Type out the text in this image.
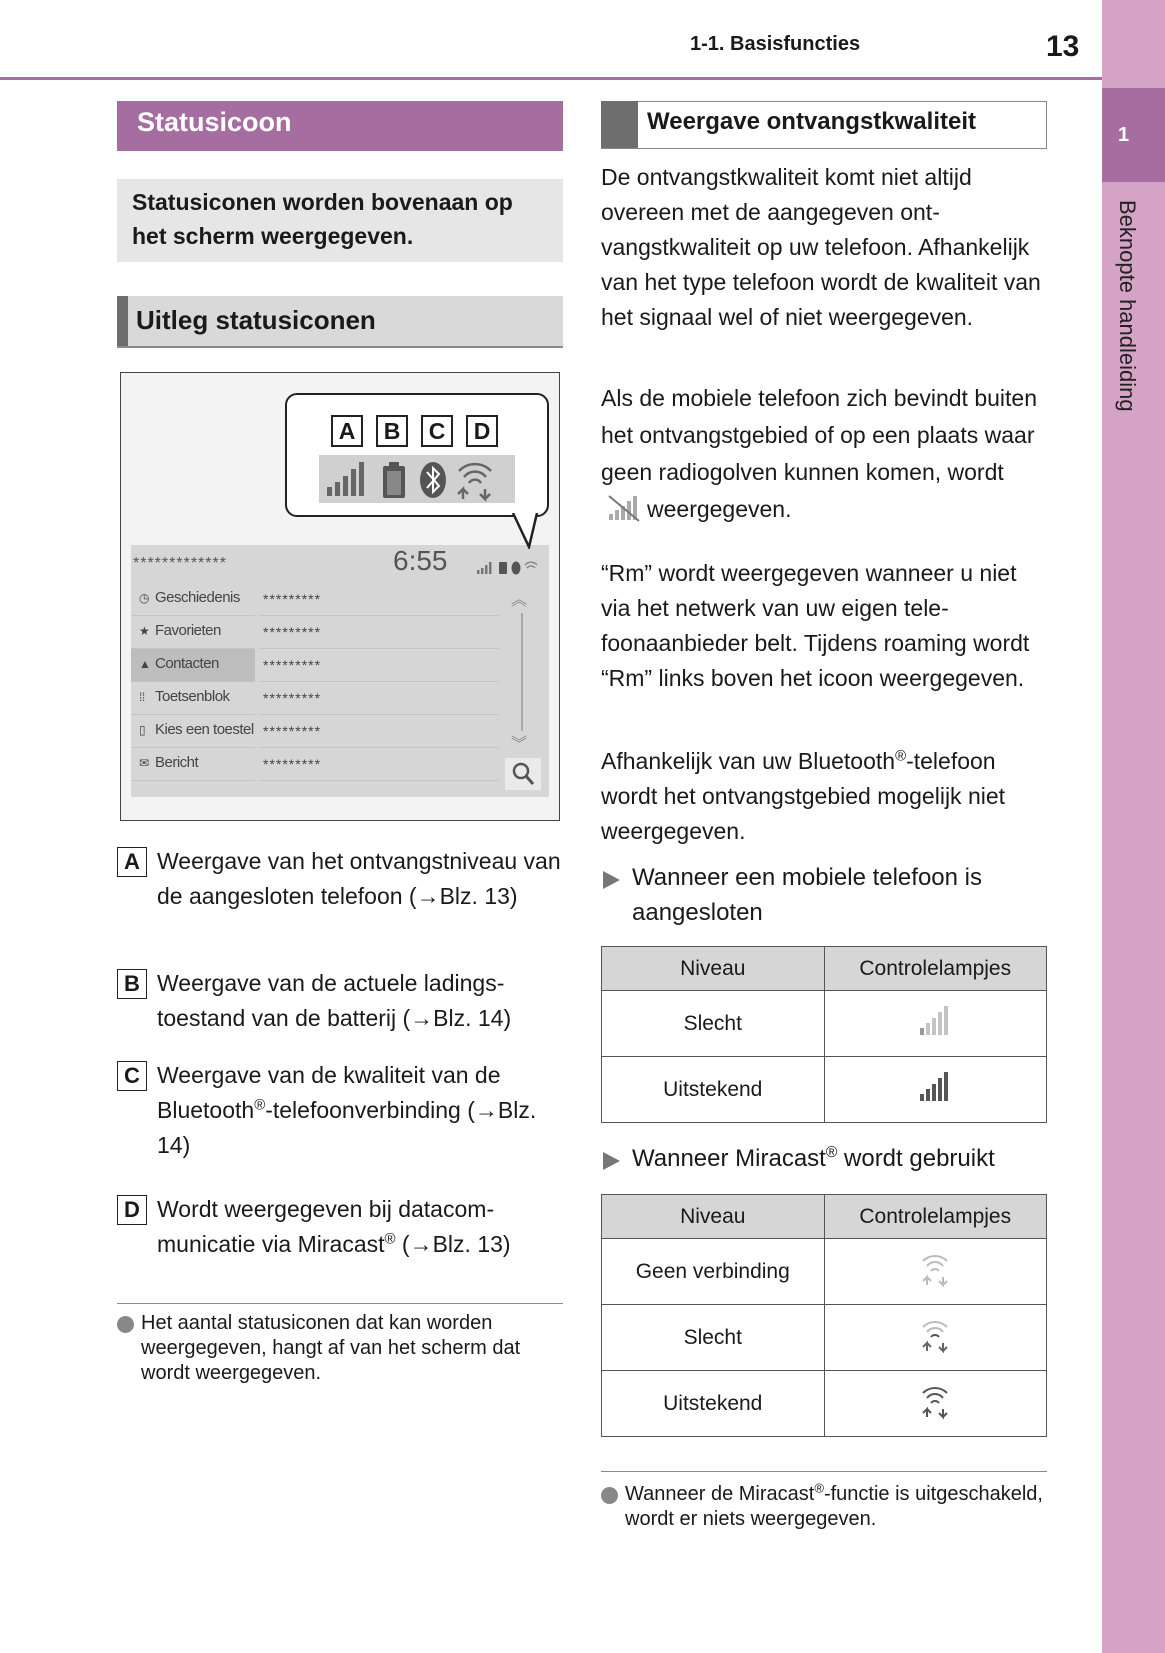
1-1. Basisfuncties	13
1
Beknopte handleiding
Statusicoon
Statusiconen worden bovenaan op het scherm weergegeven.
Uitleg statusiconen
*************	6:55
◷ Geschiedenis
★ Favorieten
▲ Contacten
⁞⁞ Toetsenblok
▯ Kies een toestel
✉ Bericht
*********
*********
*********
*********
*********
*********
︽
︾
A	B	C	D
A Weergave van het ontvangstniveau van de aangesloten telefoon (→Blz. 13)
B Weergave van de actuele ladingstoestand van de batterij (→Blz. 14)
C Weergave van de kwaliteit van de Bluetooth®-telefoonverbinding (→Blz. 14)
D Wordt weergegeven bij datacommunicatie via Miracast® (→Blz. 13)
Het aantal statusiconen dat kan worden weergegeven, hangt af van het scherm dat wordt weergegeven.
Weergave ontvangstkwaliteit
De ontvangstkwaliteit komt niet altijd overeen met de aangegeven ontvangstkwaliteit op uw telefoon. Afhankelijk van het type telefoon wordt de kwaliteit van het signaal wel of niet weergegeven.
Als de mobiele telefoon zich bevindt buiten het ontvangstgebied of op een plaats waar geen radiogolven kunnen komen, wordt weergegeven.
“Rm” wordt weergegeven wanneer u niet via het netwerk van uw eigen telefoonaanbieder belt. Tijdens roaming wordt “Rm” links boven het icoon weergegeven.
Afhankelijk van uw Bluetooth®-telefoon wordt het ontvangstgebied mogelijk niet weergegeven.
Wanneer een mobiele telefoon is aangesloten
Niveau	Controlelampjes
Slecht	
Uitstekend	
Wanneer Miracast® wordt gebruikt
Niveau	Controlelampjes
Geen verbinding	
Slecht	
Uitstekend	
Wanneer de Miracast®-functie is uitgeschakeld, wordt er niets weergegeven.
